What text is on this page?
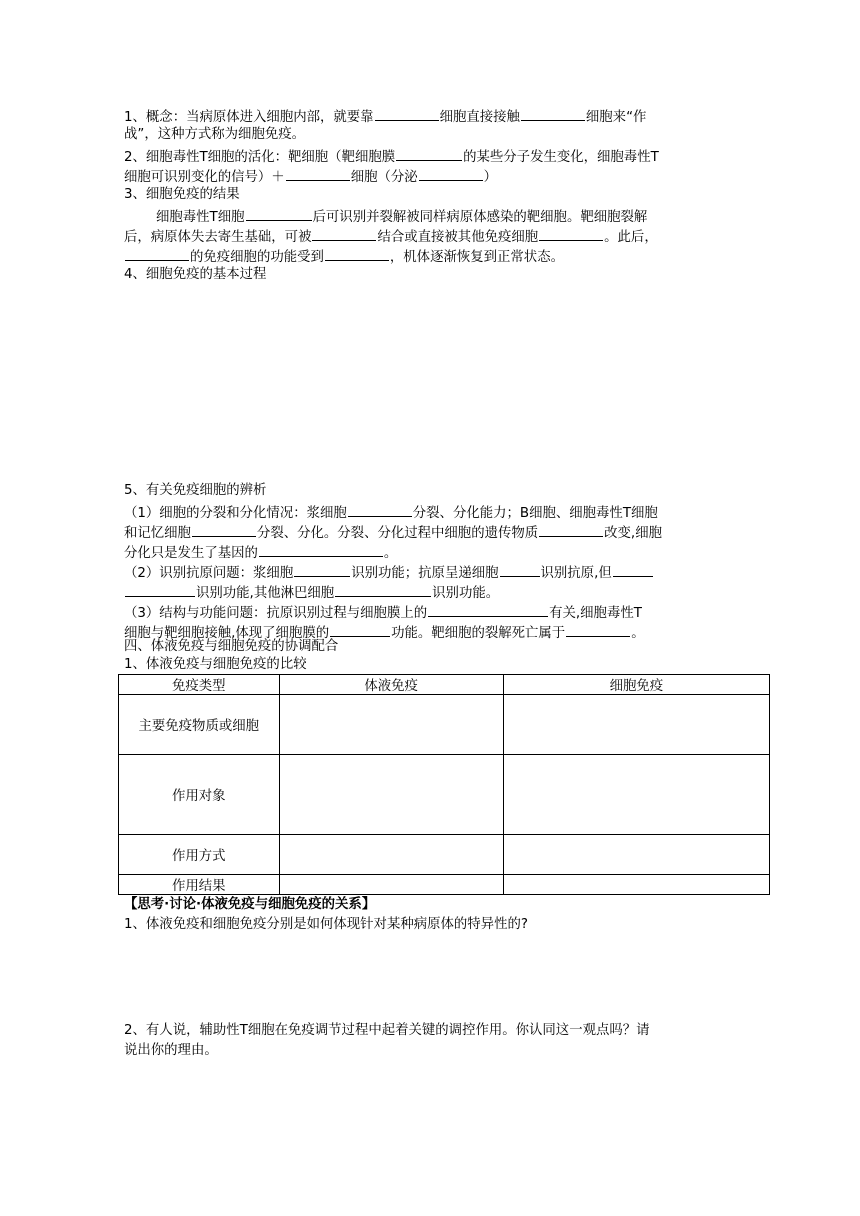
1、概念：当病原体进入细胞内部，就要靠	细胞直接接触	细胞来“作
战”，这种方式称为细胞免疫。
2、细胞毒性T细胞的活化：靶细胞（靶细胞膜	的某些分子发生变化，细胞毒性T
细胞可识别变化的信号）＋	细胞（分泌	）
3、细胞免疫的结果
细胞毒性T细胞	后可识别并裂解被同样病原体感染的靶细胞。靶细胞裂解
后，病原体失去寄生基础，可被	结合或直接被其他免疫细胞	。此后，
的免疫细胞的功能受到	，机体逐渐恢复到正常状态。
4、细胞免疫的基本过程
5、有关免疫细胞的辨析
（1）细胞的分裂和分化情况：浆细胞	分裂、分化能力；B细胞、细胞毒性T细胞
和记忆细胞	分裂、分化。分裂、分化过程中细胞的遗传物质	改变,细胞
分化只是发生了基因的	。
（2）识别抗原问题：浆细胞	识别功能；抗原呈递细胞	识别抗原,但
识别功能,其他淋巴细胞	识别功能。
（3）结构与功能问题：抗原识别过程与细胞膜上的	有关,细胞毒性T
细胞与靶细胞接触,体现了细胞膜的	功能。靶细胞的裂解死亡属于	。
四、体液免疫与细胞免疫的协调配合
1、体液免疫与细胞免疫的比较
免疫类型	体液免疫	细胞免疫
主要免疫物质或细胞		
作用对象		
作用方式		
作用结果		
【思考·讨论·体液免疫与细胞免疫的关系】
1、体液免疫和细胞免疫分别是如何体现针对某种病原体的特异性的?
2、有人说，辅助性T细胞在免疫调节过程中起着关键的调控作用。你认同这一观点吗？请
说出你的理由。
